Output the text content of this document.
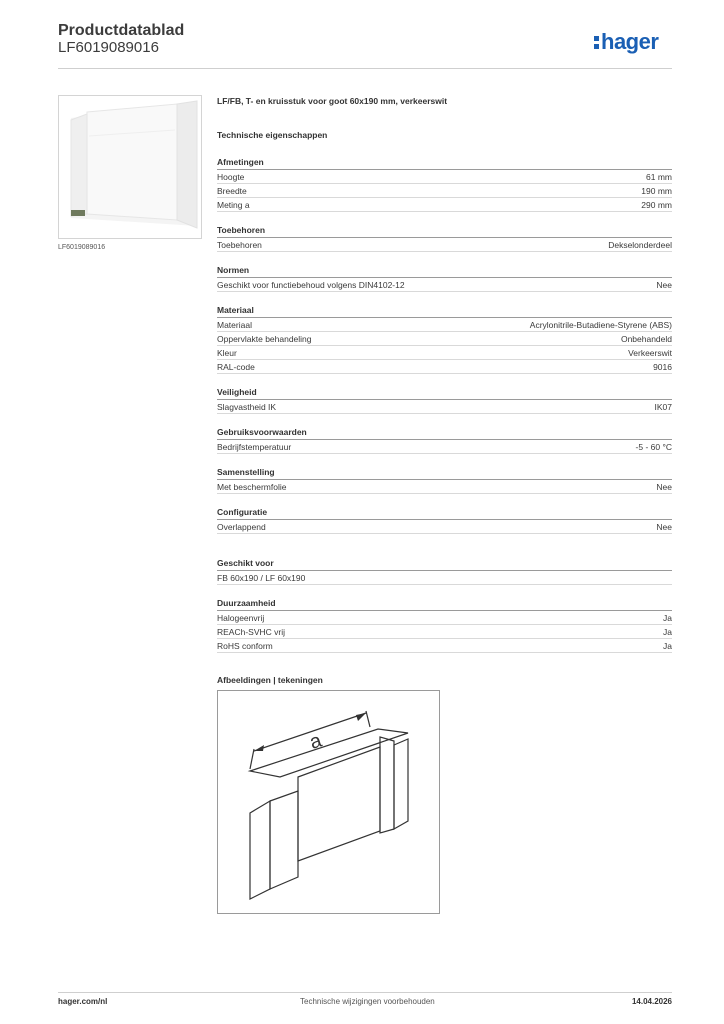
Productdatablad
LF6019089016	hager
LF6019089016
LF/FB, T- en kruisstuk voor goot 60x190 mm, verkeerswit
Technische eigenschappen
Afmetingen
Hoogte	61 mm
Breedte	190 mm
Meting a	290 mm
Toebehoren
Toebehoren	Dekselonderdeel
Normen
Geschikt voor functiebehoud volgens DIN4102-12	Nee
Materiaal
Materiaal	Acrylonitrile-Butadiene-Styrene (ABS)
Oppervlakte behandeling	Onbehandeld
Kleur	Verkeerswit
RAL-code	9016
Veiligheid
Slagvastheid IK	IK07
Gebruiksvoorwaarden
Bedrijfstemperatuur	-5 - 60 °C
Samenstelling
Met beschermfolie	Nee
Configuratie
Overlappend	Nee
Geschikt voor
FB 60x190 / LF 60x190
Duurzaamheid
Halogeenvrij	Ja
REACh-SVHC vrij	Ja
RoHS conform	Ja
Afbeeldingen | tekeningen
a
hager.com/nl	Technische wijzigingen voorbehouden	14.04.2026
